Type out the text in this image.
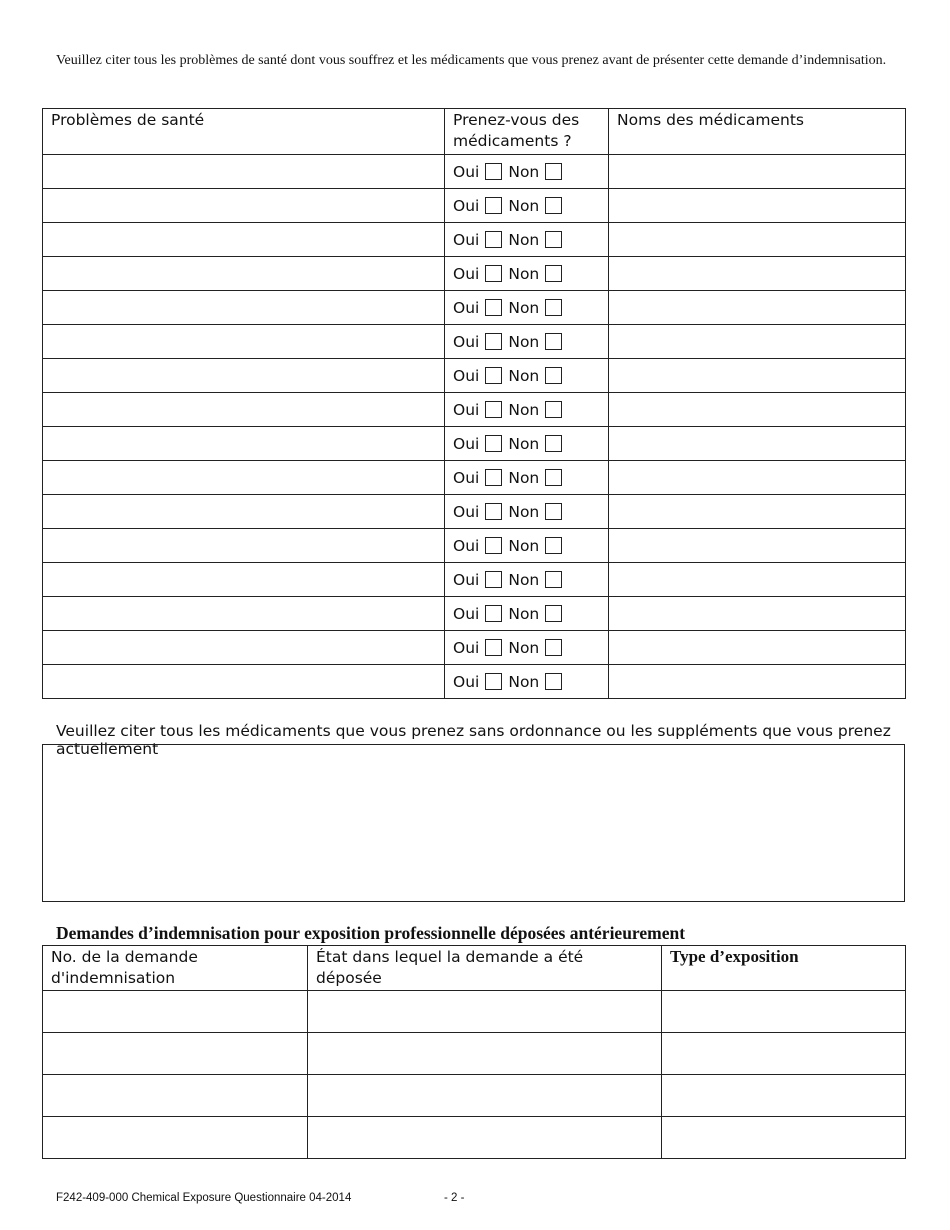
Veuillez citer tous les problèmes de santé dont vous souffrez et les médicaments que vous prenez avant de présenter cette demande d’indemnisation.
Problèmes de santé	Prenez-vous des médicaments ?	Noms des médicaments

	Oui Non	

	Oui Non	

	Oui Non	

	Oui Non	

	Oui Non	

	Oui Non	

	Oui Non	

	Oui Non	

	Oui Non	

	Oui Non	

	Oui Non	

	Oui Non	

	Oui Non	

	Oui Non	

	Oui Non	

	Oui Non	

Veuillez citer tous les médicaments que vous prenez sans ordonnance ou les suppléments que vous prenez actuellement
Demandes d’indemnisation pour exposition professionnelle déposées antérieurement
No. de la demande d'indemnisation	État dans lequel la demande a été déposée	Type d’exposition

F242-409-000 Chemical Exposure Questionnaire 04-2014	- 2 -
